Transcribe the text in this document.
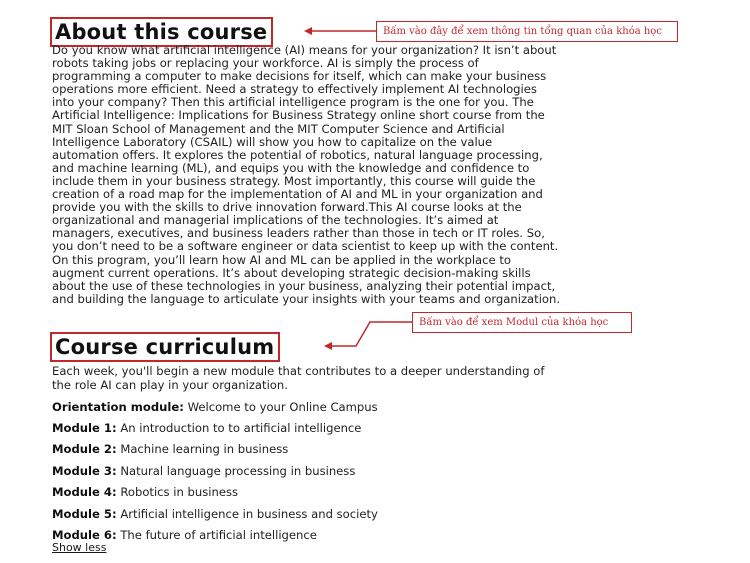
About this course	Bấm vào đây để xem thông tin tổng quan của khóa học
Do you know what artificial intelligence (AI) means for your organization? It isn’t about
robots taking jobs or replacing your workforce. AI is simply the process of
programming a computer to make decisions for itself, which can make your business
operations more efficient. Need a strategy to effectively implement AI technologies
into your company? Then this artificial intelligence program is the one for you. The
Artificial Intelligence: Implications for Business Strategy online short course from the
MIT Sloan School of Management and the MIT Computer Science and Artificial
Intelligence Laboratory (CSAIL) will show you how to capitalize on the value
automation offers. It explores the potential of robotics, natural language processing,
and machine learning (ML), and equips you with the knowledge and confidence to
include them in your business strategy. Most importantly, this course will guide the
creation of a road map for the implementation of AI and ML in your organization and
provide you with the skills to drive innovation forward.This AI course looks at the
organizational and managerial implications of the technologies. It’s aimed at
managers, executives, and business leaders rather than those in tech or IT roles. So,
you don’t need to be a software engineer or data scientist to keep up with the content.
On this program, you’ll learn how AI and ML can be applied in the workplace to
augment current operations. It’s about developing strategic decision-making skills
about the use of these technologies in your business, analyzing their potential impact,
and building the language to articulate your insights with your teams and organization.
Course curriculum
Bấm vào để xem Modul của khóa học
Each week, you'll begin a new module that contributes to a deeper understanding of
the role AI can play in your organization.
Orientation module: Welcome to your Online Campus
Module 1: An introduction to to artificial intelligence
Module 2: Machine learning in business
Module 3: Natural language processing in business
Module 4: Robotics in business
Module 5: Artificial intelligence in business and society
Module 6: The future of artificial intelligence
Show less
